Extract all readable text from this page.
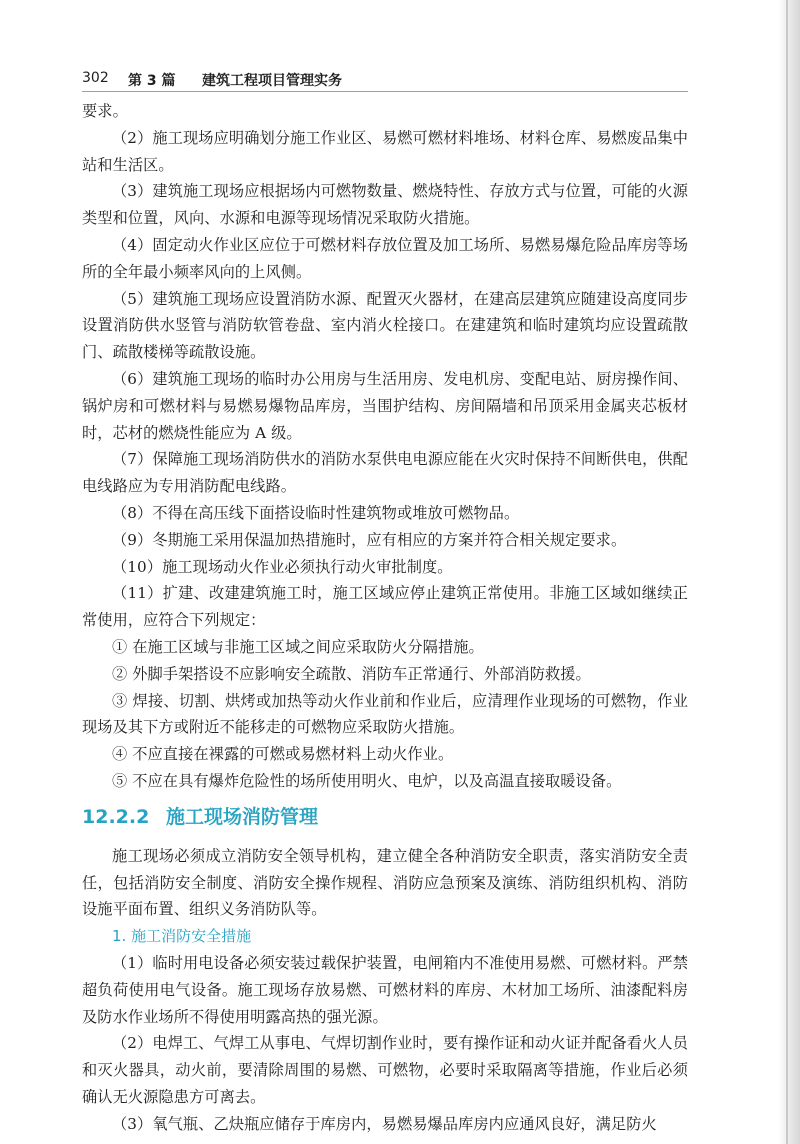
302 第 3 篇 建筑工程项目管理实务

要求。

（2）施工现场应明确划分施工作业区、易燃可燃材料堆场、材料仓库、易燃废品集中站和生活区。

（3）建筑施工现场应根据场内可燃物数量、燃烧特性、存放方式与位置，可能的火源类型和位置，风向、水源和电源等现场情况采取防火措施。

（4）固定动火作业区应位于可燃材料存放位置及加工场所、易燃易爆危险品库房等场所的全年最小频率风向的上风侧。

（5）建筑施工现场应设置消防水源、配置灭火器材，在建高层建筑应随建设高度同步设置消防供水竖管与消防软管卷盘、室内消火栓接口。在建建筑和临时建筑均应设置疏散门、疏散楼梯等疏散设施。

（6）建筑施工现场的临时办公用房与生活用房、发电机房、变配电站、厨房操作间、锅炉房和可燃材料与易燃易爆物品库房，当围护结构、房间隔墙和吊顶采用金属夹芯板材时，芯材的燃烧性能应为 A 级。

（7）保障施工现场消防供水的消防水泵供电电源应能在火灾时保持不间断供电，供配电线路应为专用消防配电线路。

（8）不得在高压线下面搭设临时性建筑物或堆放可燃物品。

（9）冬期施工采用保温加热措施时，应有相应的方案并符合相关规定要求。

（10）施工现场动火作业必须执行动火审批制度。

（11）扩建、改建建筑施工时，施工区域应停止建筑正常使用。非施工区域如继续正常使用，应符合下列规定：

① 在施工区域与非施工区域之间应采取防火分隔措施。

② 外脚手架搭设不应影响安全疏散、消防车正常通行、外部消防救援。

③ 焊接、切割、烘烤或加热等动火作业前和作业后，应清理作业现场的可燃物，作业现场及其下方或附近不能移走的可燃物应采取防火措施。

④ 不应直接在裸露的可燃或易燃材料上动火作业。

⑤ 不应在具有爆炸危险性的场所使用明火、电炉，以及高温直接取暖设备。

12.2.2 施工现场消防管理

施工现场必须成立消防安全领导机构，建立健全各种消防安全职责，落实消防安全责任，包括消防安全制度、消防安全操作规程、消防应急预案及演练、消防组织机构、消防设施平面布置、组织义务消防队等。

1. 施工消防安全措施

（1）临时用电设备必须安装过载保护装置，电闸箱内不准使用易燃、可燃材料。严禁超负荷使用电气设备。施工现场存放易燃、可燃材料的库房、木材加工场所、油漆配料房及防水作业场所不得使用明露高热的强光源。

（2）电焊工、气焊工从事电、气焊切割作业时，要有操作证和动火证并配备看火人员和灭火器具，动火前，要清除周围的易燃、可燃物，必要时采取隔离等措施，作业后必须确认无火源隐患方可离去。

（3）氧气瓶、乙炔瓶应储存于库房内，易燃易爆品库房内应通风良好，满足防火
